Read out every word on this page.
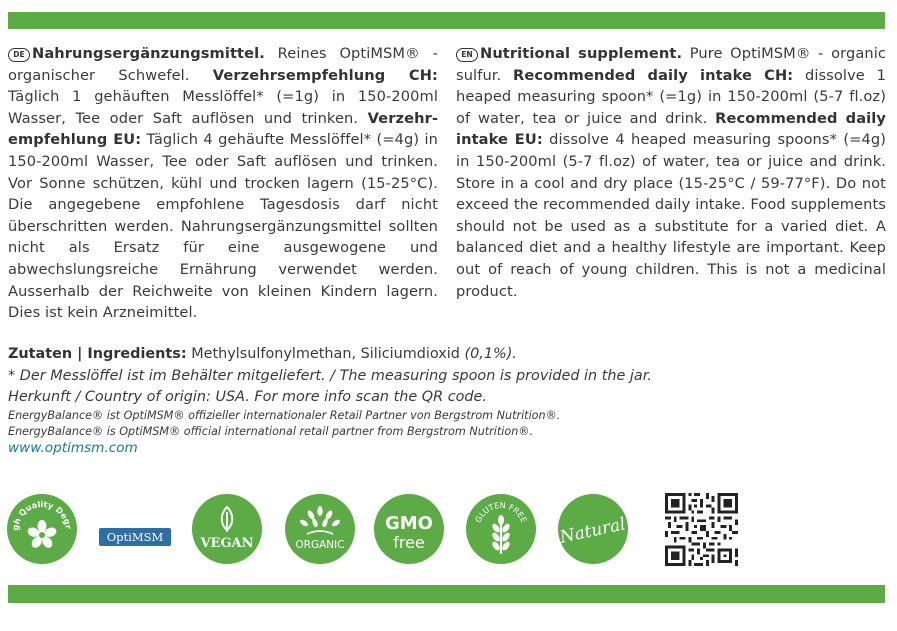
DE Nahrungsergänzungsmittel. Reines OptiMSM® - organischer Schwefel. Verzehrsempfehlung CH: Täglich 1 gehäuften Messlöffel* (=1g) in 150-200ml Wasser, Tee oder Saft auflösen und trinken. Verzehrempfehlung EU: Täglich 4 gehäufte Messlöffel* (=4g) in 150-200ml Wasser, Tee oder Saft auflösen und trinken. Vor Sonne schützen, kühl und trocken lagern (15-25°C). Die angegebene empfohlene Tagesdosis darf nicht überschritten werden. Nahrungsergänzungsmittel sollten nicht als Ersatz für eine ausgewogene und abwechslungsreiche Ernährung verwendet werden. Ausserhalb der Reichweite von kleinen Kindern lagern. Dies ist kein Arzneimittel.
EN Nutritional supplement. Pure OptiMSM® - organic sulfur. Recommended daily intake CH: dissolve 1 heaped measuring spoon* (=1g) in 150-200ml (5-7 fl.oz) of water, tea or juice and drink. Recommended daily intake EU: dissolve 4 heaped measuring spoons* (=4g) in 150-200ml (5-7 fl.oz) of water, tea or juice and drink. Store in a cool and dry place (15-25°C / 59-77°F). Do not exceed the recommended daily intake. Food supplements should not be used as a substitute for a varied diet. A balanced diet and a healthy lifestyle are important. Keep out of reach of young children. This is not a medicinal product.
Zutaten | Ingredients: Methylsulfonylmethan, Siliciumdioxid (0,1%).
* Der Messlöffel ist im Behälter mitgeliefert. / The measuring spoon is provided in the jar.
Herkunft / Country of origin: USA. For more info scan the QR code.
EnergyBalance® ist OptiMSM® offizieller internationaler Retail Partner von Bergstrom Nutrition®.
EnergyBalance® is OptiMSM® official international retail partner from Bergstrom Nutrition®.
www.optimsm.com
gh Quality Degr
OptiMSM	VEGAN	ORGANIC
GMO
free
GLUTEN FREE Natural
